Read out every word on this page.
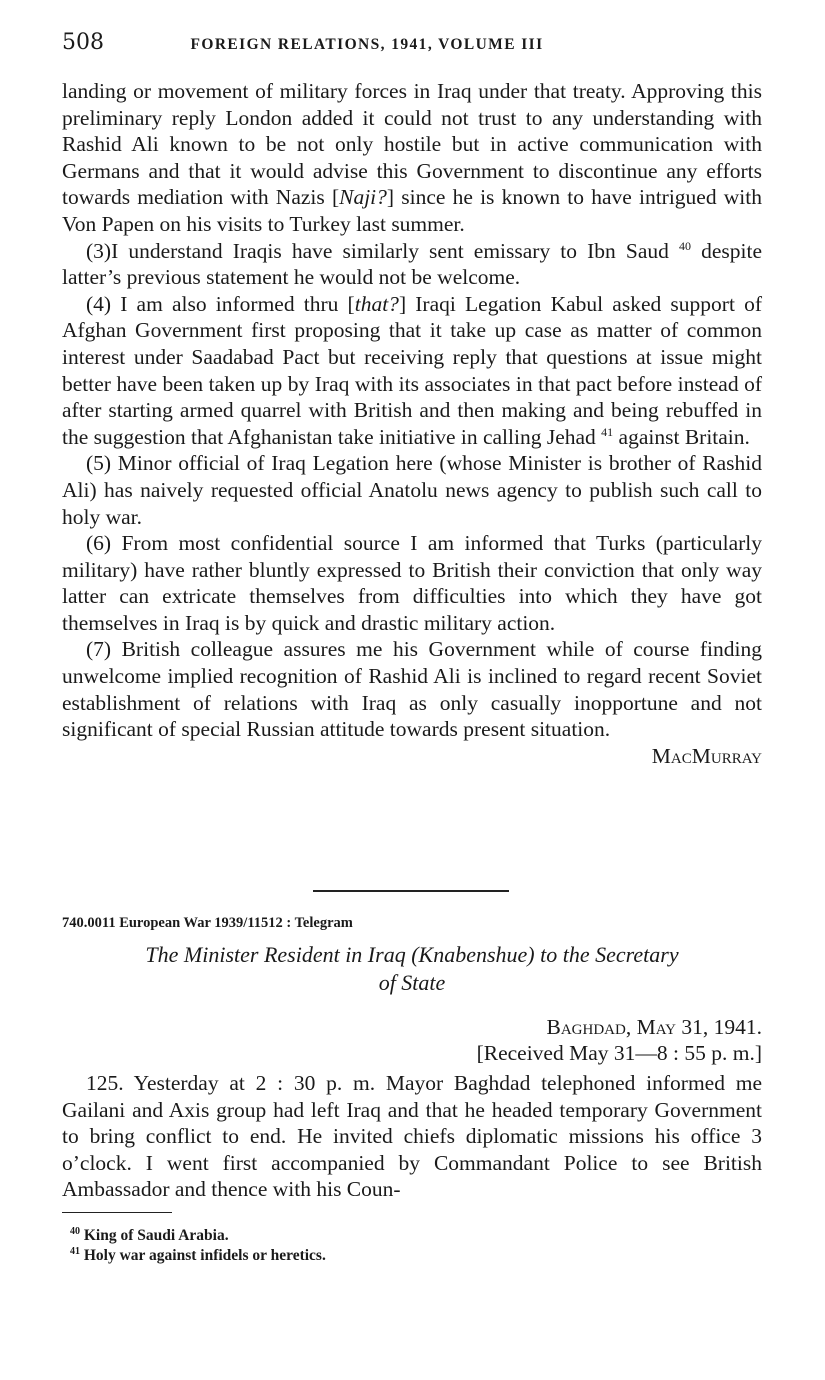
508	FOREIGN RELATIONS, 1941, VOLUME III

landing or movement of military forces in Iraq under that treaty. Approving this preliminary reply London added it could not trust to any understanding with Rashid Ali known to be not only hostile but in active communication with Germans and that it would advise this Government to discontinue any efforts towards mediation with Nazis [Naji?] since he is known to have intrigued with Von Papen on his visits to Turkey last summer.

(3)I understand Iraqis have similarly sent emissary to Ibn Saud $^{40}$ despite latter’s previous statement he would not be welcome.

(4) I am also informed thru [that?] Iraqi Legation Kabul asked support of Afghan Government first proposing that it take up case as matter of common interest under Saadabad Pact but receiving reply that questions at issue might better have been taken up by Iraq with its associates in that pact before instead of after starting armed quarrel with British and then making and being rebuffed in the suggestion that Afghanistan take initiative in calling Jehad $^{41}$ against Britain.

(5) Minor official of Iraq Legation here (whose Minister is brother of Rashid Ali) has naively requested official Anatolu news agency to publish such call to holy war.

(6) From most confidential source I am informed that Turks (particularly military) have rather bluntly expressed to British their conviction that only way latter can extricate themselves from difficulties into which they have got themselves in Iraq is by quick and drastic military action.

(7) British colleague assures me his Government while of course finding unwelcome implied recognition of Rashid Ali is inclined to regard recent Soviet establishment of relations with Iraq as only casually inopportune and not significant of special Russian attitude towards present situation.

MacMurray

740.0011 European War 1939/11512 : Telegram
The Minister Resident in Iraq (Knabenshue) to the Secretary
of State
Baghdad, May 31, 1941.
[Received May 31—8 : 55 p. m.]

125. Yesterday at 2 : 30 p. m. Mayor Baghdad telephoned informed me Gailani and Axis group had left Iraq and that he headed temporary Government to bring conflict to end. He invited chiefs diplomatic missions his office 3 o’clock. I went first accompanied by Commandant Police to see British Ambassador and thence with his Coun-

$^{40}$ King of Saudi Arabia.

$^{41}$ Holy war against infidels or heretics.
